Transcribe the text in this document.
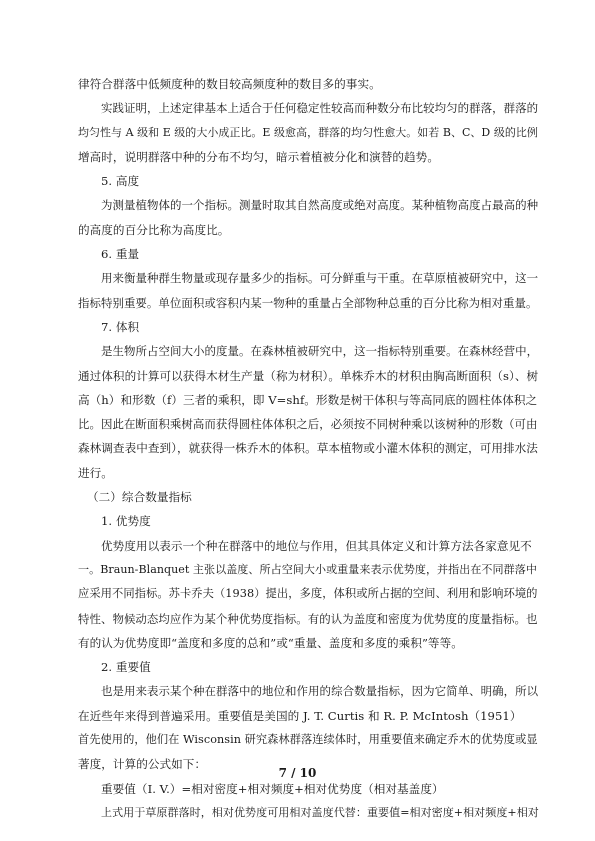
律符合群落中低频度种的数目较高频度种的数目多的事实。
实践证明，上述定律基本上适合于任何稳定性较高而种数分布比较均匀的群落，群落的
均匀性与 A 级和 E 级的大小成正比。E 级愈高，群落的均匀性愈大。如若 B、C、D 级的比例
增高时，说明群落中种的分布不均匀，暗示着植被分化和演替的趋势。
5. 高度
为测量植物体的一个指标。测量时取其自然高度或绝对高度。某种植物高度占最高的种
的高度的百分比称为高度比。
6. 重量
用来衡量种群生物量或现存量多少的指标。可分鲜重与干重。在草原植被研究中，这一
指标特别重要。单位面积或容积内某一物种的重量占全部物种总重的百分比称为相对重量。
7. 体积
是生物所占空间大小的度量。在森林植被研究中，这一指标特别重要。在森林经营中，
通过体积的计算可以获得木材生产量（称为材积）。单株乔木的材积由胸高断面积（s）、树
高（h）和形数（f）三者的乘积，即 V=shf。形数是树干体积与等高同底的圆柱体体积之
比。因此在断面积乘树高而获得圆柱体体积之后，必须按不同树种乘以该树种的形数（可由
森林调查表中查到），就获得一株乔木的体积。草本植物或小灌木体积的测定，可用排水法
进行。
（二）综合数量指标
1. 优势度
优势度用以表示一个种在群落中的地位与作用，但其具体定义和计算方法各家意见不
一。Braun-Blanquet 主张以盖度、所占空间大小或重量来表示优势度，并指出在不同群落中
应采用不同指标。苏卡乔夫（1938）提出，多度，体积或所占据的空间、利用和影响环境的
特性、物候动态均应作为某个种优势度指标。有的认为盖度和密度为优势度的度量指标。也
有的认为优势度即“盖度和多度的总和”或“重量、盖度和多度的乘积”等等。
2. 重要值
也是用来表示某个种在群落中的地位和作用的综合数量指标，因为它简单、明确，所以
在近些年来得到普遍采用。重要值是美国的 J. T. Curtis 和 R. P. McIntosh（1951）
首先使用的，他们在 Wisconsin 研究森林群落连续体时，用重要值来确定乔木的优势度或显
著度，计算的公式如下：
重要值（I. V.）=相对密度+相对频度+相对优势度（相对基盖度）
上式用于草原群落时，相对优势度可用相对盖度代替：重要值=相对密度+相对频度+相对
7 / 10
